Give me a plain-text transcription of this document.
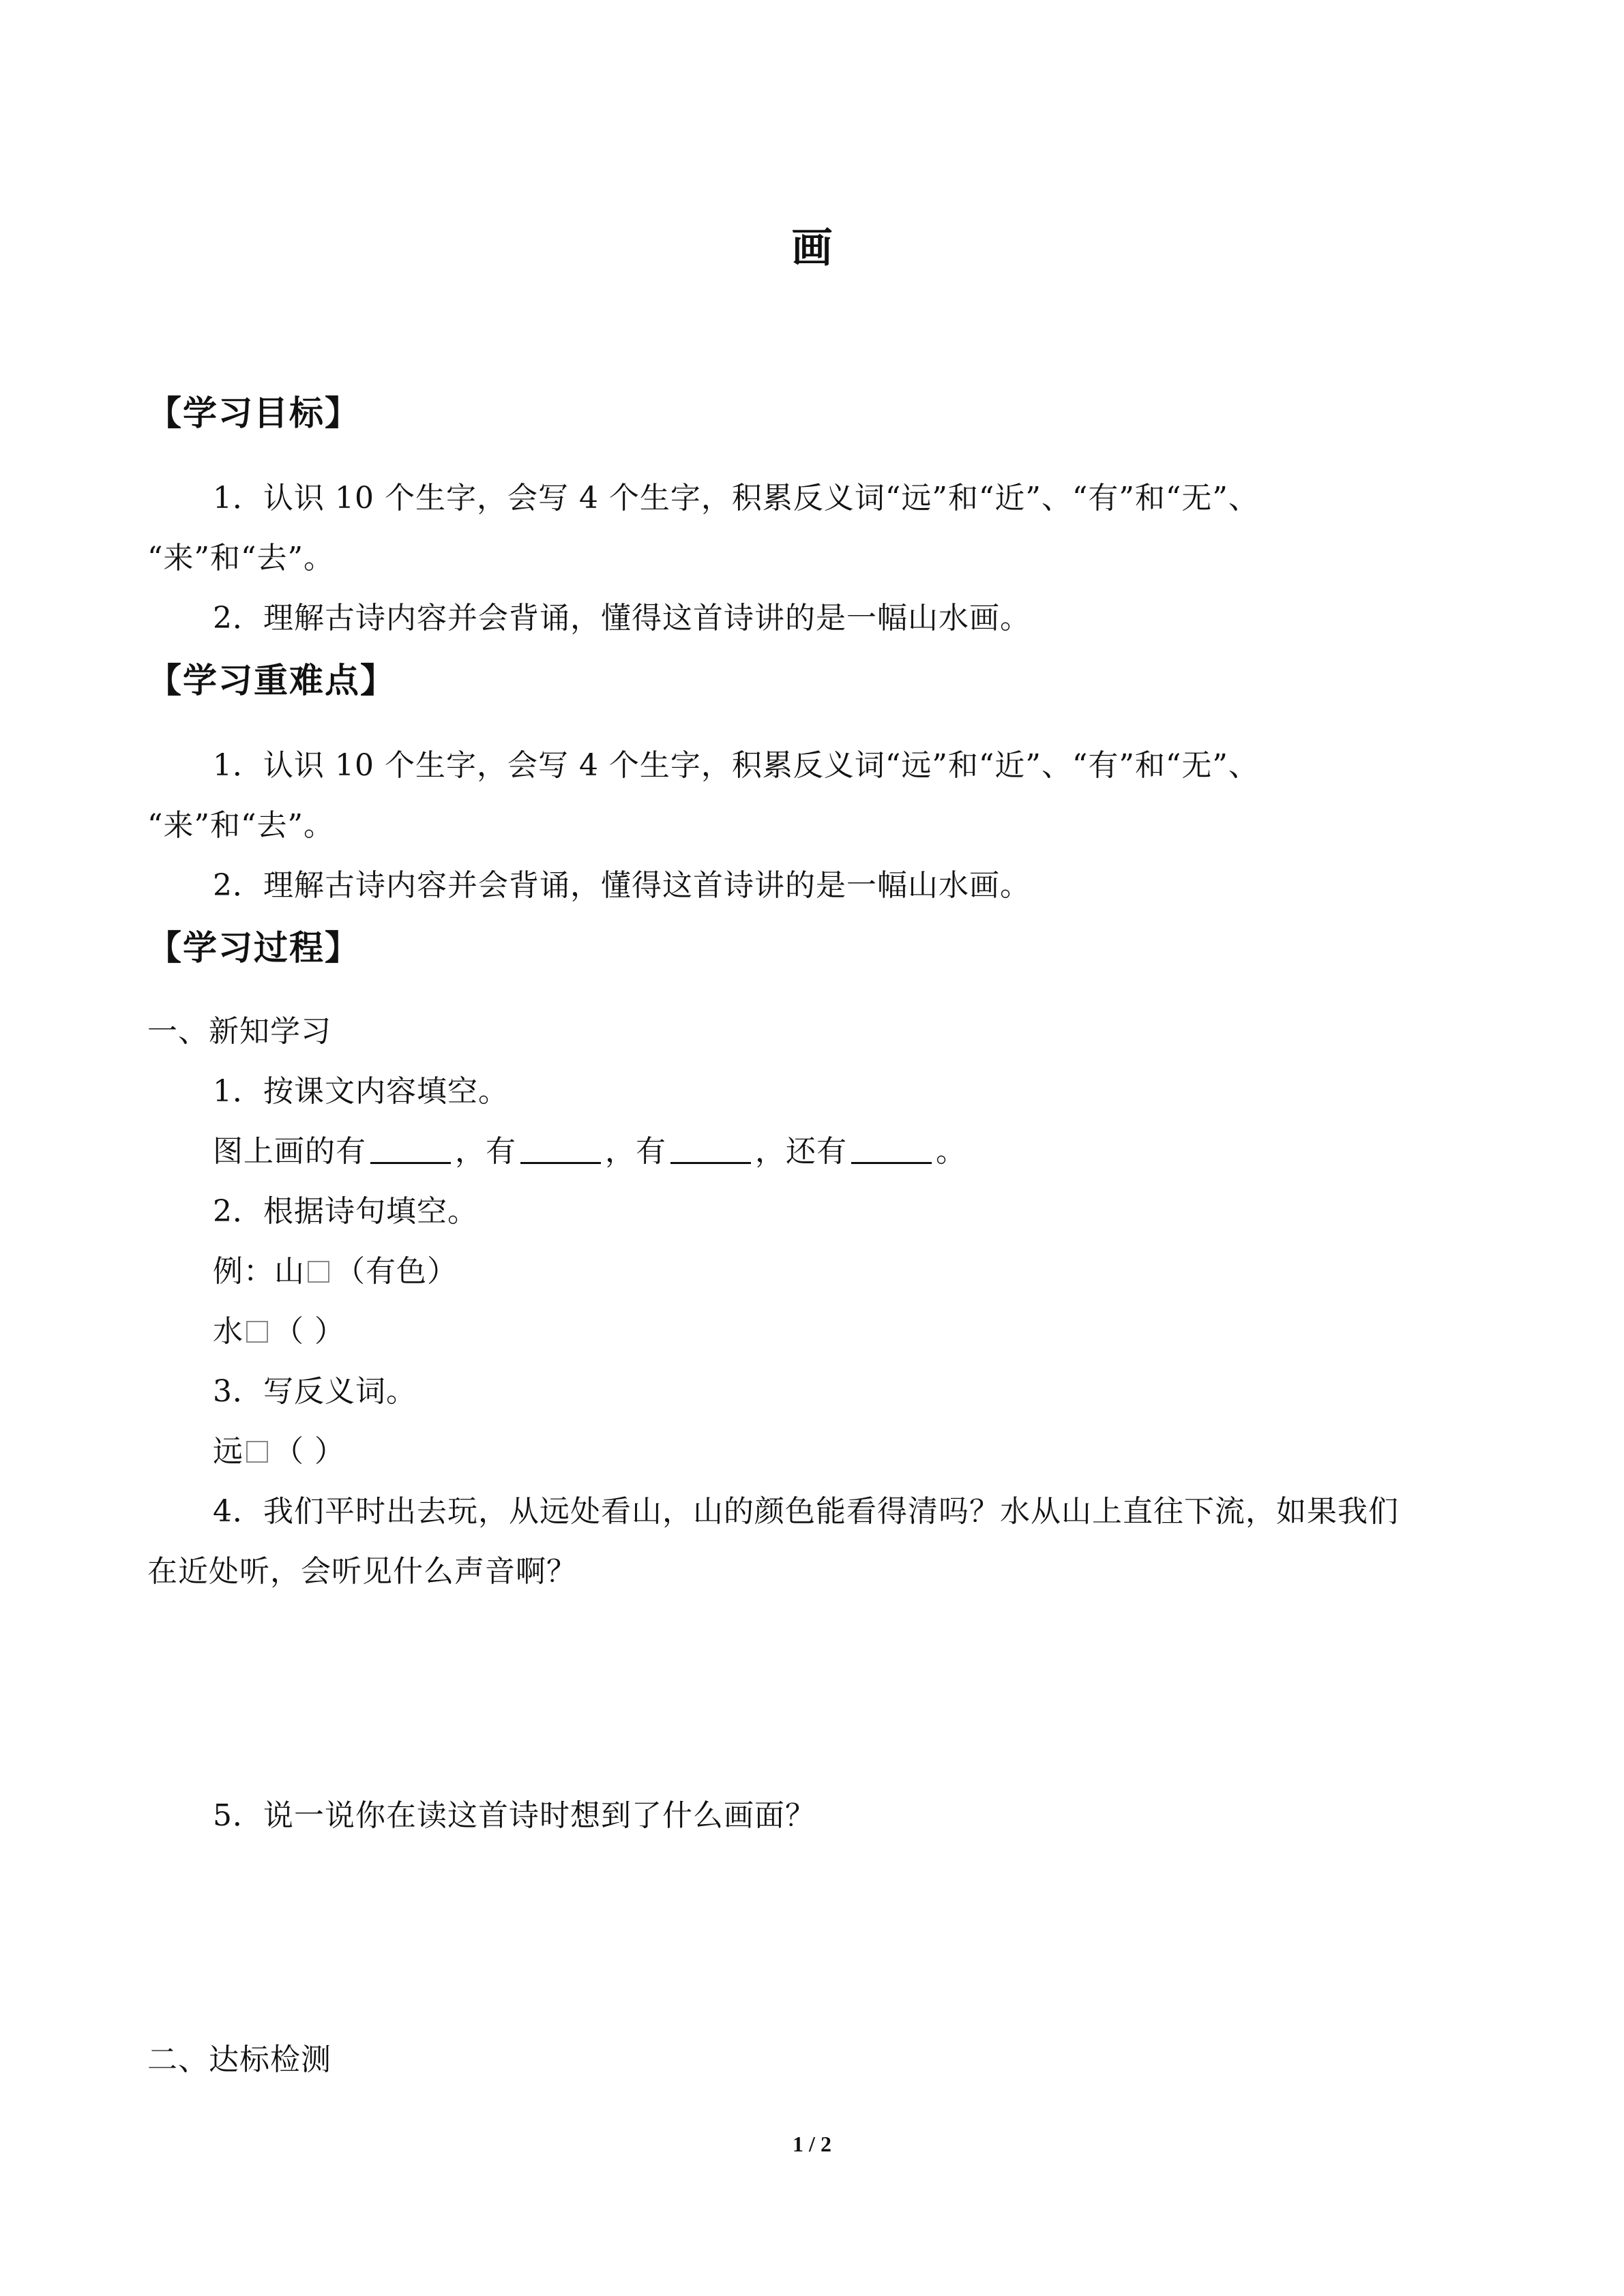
画
【学习目标】
1．认识 10 个生字，会写 4 个生字，积累反义词“远”和“近”、“有”和“无”、
“来”和“去”。
2．理解古诗内容并会背诵，懂得这首诗讲的是一幅山水画。
【学习重难点】
1．认识 10 个生字，会写 4 个生字，积累反义词“远”和“近”、“有”和“无”、
“来”和“去”。
2．理解古诗内容并会背诵，懂得这首诗讲的是一幅山水画。
【学习过程】
一、新知学习
1．按课文内容填空。
图上画的有	，有	，有	，还有	。
2．根据诗句填空。
例：山 （有色）
水 （ ）
3．写反义词。
远 （ ）
4．我们平时出去玩，从远处看山，山的颜色能看得清吗？水从山上直往下流，如果我们
在近处听，会听见什么声音啊？
5．说一说你在读这首诗时想到了什么画面？
二、达标检测
1 / 2
